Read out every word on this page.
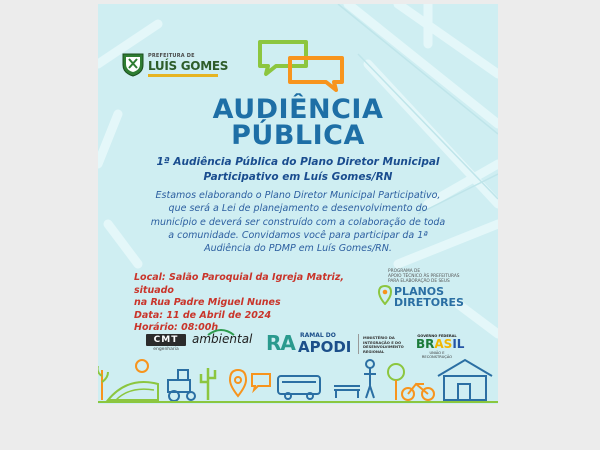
PREFEITURA DE
LUÍS GOMES
AUDIÊNCIA
PÚBLICA
1ª Audiência Pública do Plano Diretor Municipal
Participativo em Luís Gomes/RN
Estamos elaborando o Plano Diretor Municipal Participativo,
que será a Lei de planejamento e desenvolvimento do
município e deverá ser construído com a colaboração de toda
a comunidade. Convidamos você para participar da 1ª
Audiência do PDMP em Luís Gomes/RN.
Local: Salão Paroquial da Igreja Matriz, situado
na Rua Padre Miguel Nunes
Data: 11 de Abril de 2024
Horário: 08:00h
PROGRAMA DE
APOIO TÉCNICO ÀS PREFEITURAS
PARA ELABORAÇÃO DE SEUS
PLANOS
DIRETORES
CMT
engenharia
ambiental RA RAMAL DO
APODI	MINISTÉRIO DA
INTEGRAÇÃO E DO
DESENVOLVIMENTO
REGIONAL
GOVERNO FEDERAL
BRASIL
UNIÃO E RECONSTRUÇÃO
